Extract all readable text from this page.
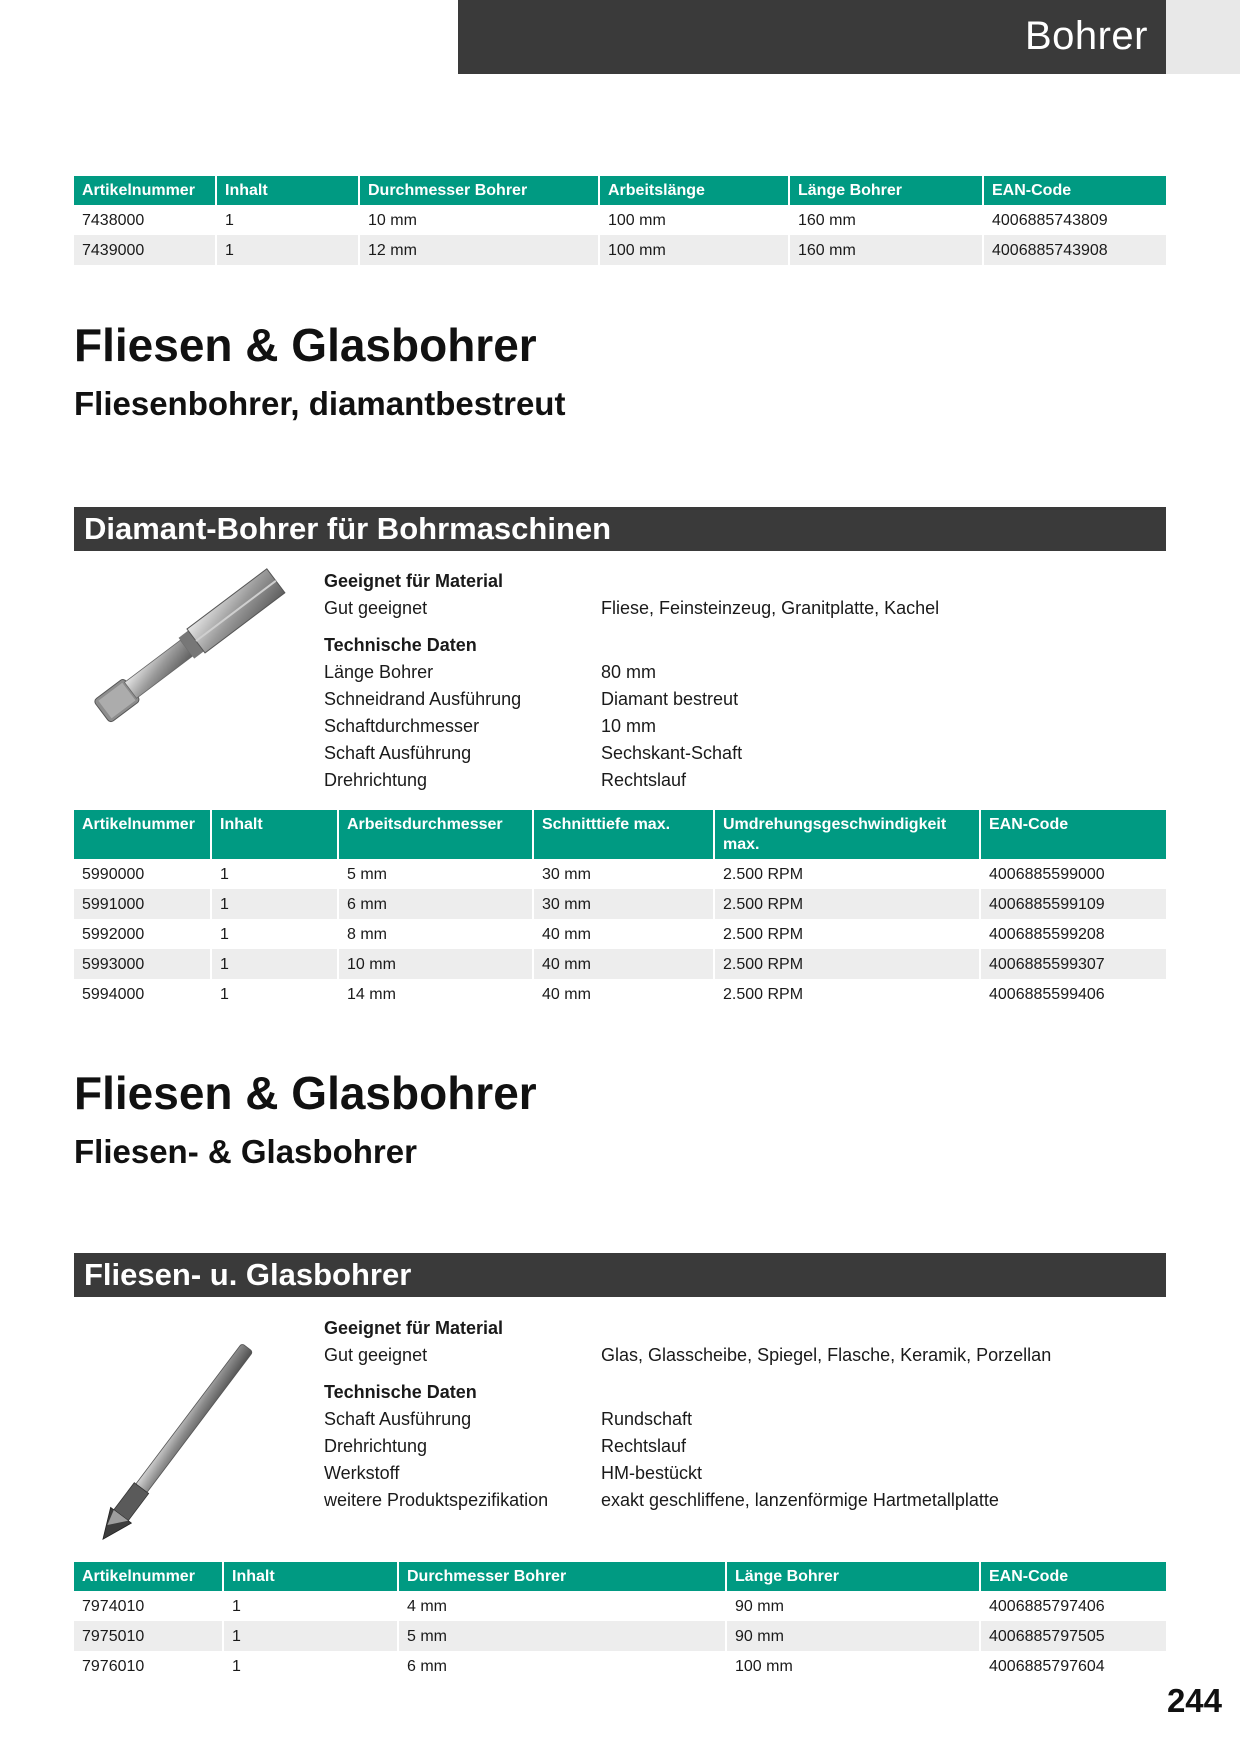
Bohrer
Artikelnummer	Inhalt	Durchmesser Bohrer	Arbeitslänge	Länge Bohrer	EAN-Code
7438000	1	10 mm	100 mm	160 mm	4006885743809
7439000	1	12 mm	100 mm	160 mm	4006885743908
Fliesen & Glasbohrer
Fliesenbohrer, diamantbestreut
Diamant-Bohrer für Bohrmaschinen
Geeignet für Material
Gut geeignet	Fliese, Feinsteinzeug, Granitplatte, Kachel
Technische Daten
Länge Bohrer	80 mm
Schneidrand Ausführung	Diamant bestreut
Schaftdurchmesser	10 mm
Schaft Ausführung	Sechskant-Schaft
Drehrichtung	Rechtslauf
Artikelnummer	Inhalt	Arbeitsdurchmesser	Schnitttiefe max.	Umdrehungsgeschwindigkeit max.	EAN-Code
5990000	1	5 mm	30 mm	2.500 RPM	4006885599000
5991000	1	6 mm	30 mm	2.500 RPM	4006885599109
5992000	1	8 mm	40 mm	2.500 RPM	4006885599208
5993000	1	10 mm	40 mm	2.500 RPM	4006885599307
5994000	1	14 mm	40 mm	2.500 RPM	4006885599406
Fliesen & Glasbohrer
Fliesen- & Glasbohrer
Fliesen- u. Glasbohrer
Geeignet für Material
Gut geeignet	Glas, Glasscheibe, Spiegel, Flasche, Keramik, Porzellan
Technische Daten
Schaft Ausführung	Rundschaft
Drehrichtung	Rechtslauf
Werkstoff	HM-bestückt
weitere Produktspezifikation	exakt geschliffene, lanzenförmige Hartmetallplatte
Artikelnummer	Inhalt	Durchmesser Bohrer	Länge Bohrer	EAN-Code
7974010	1	4 mm	90 mm	4006885797406
7975010	1	5 mm	90 mm	4006885797505
7976010	1	6 mm	100 mm	4006885797604
244
